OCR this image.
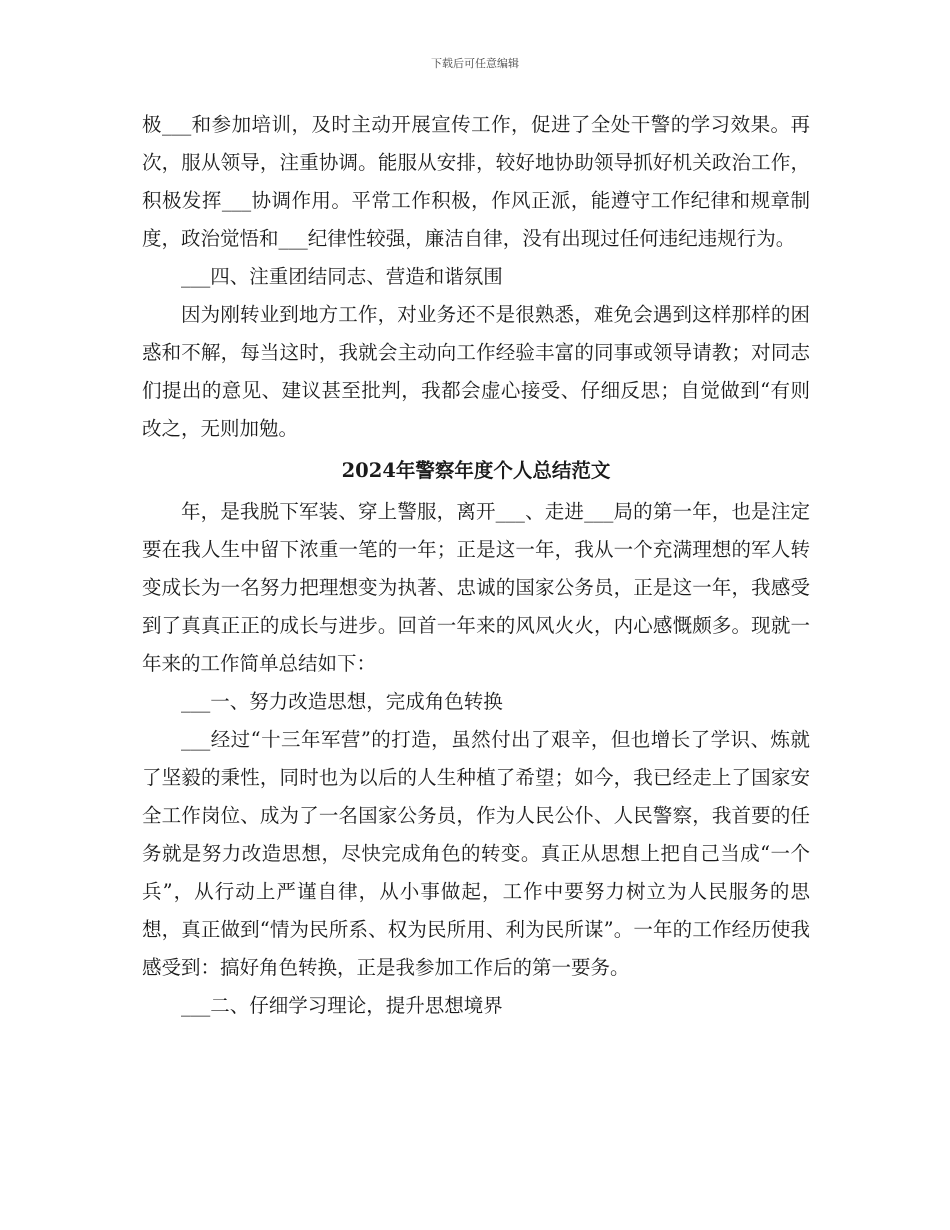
下载后可任意编辑

极___和参加培训，及时主动开展宣传工作，促进了全处干警的学习效果。再次，服从领导，注重协调。能服从安排，较好地协助领导抓好机关政治工作，积极发挥___协调作用。平常工作积极，作风正派，能遵守工作纪律和规章制度，政治觉悟和___纪律性较强，廉洁自律，没有出现过任何违纪违规行为。

___四、注重团结同志、营造和谐氛围

因为刚转业到地方工作，对业务还不是很熟悉，难免会遇到这样那样的困惑和不解，每当这时，我就会主动向工作经验丰富的同事或领导请教；对同志们提出的意见、建议甚至批判，我都会虚心接受、仔细反思；自觉做到“有则改之，无则加勉。

2024年警察年度个人总结范文

年，是我脱下军装、穿上警服，离开___、走进___局的第一年，也是注定要在我人生中留下浓重一笔的一年；正是这一年，我从一个充满理想的军人转变成长为一名努力把理想变为执著、忠诚的国家公务员，正是这一年，我感受到了真真正正的成长与进步。回首一年来的风风火火，内心感慨颇多。现就一年来的工作简单总结如下：

___一、努力改造思想，完成角色转换

___经过“十三年军营”的打造，虽然付出了艰辛，但也增长了学识、炼就了坚毅的秉性，同时也为以后的人生种植了希望；如今，我已经走上了国家安全工作岗位、成为了一名国家公务员，作为人民公仆、人民警察，我首要的任务就是努力改造思想，尽快完成角色的转变。真正从思想上把自己当成“一个兵”，从行动上严谨自律，从小事做起，工作中要努力树立为人民服务的思想，真正做到“情为民所系、权为民所用、利为民所谋”。一年的工作经历使我感受到：搞好角色转换，正是我参加工作后的第一要务。

___二、仔细学习理论，提升思想境界
